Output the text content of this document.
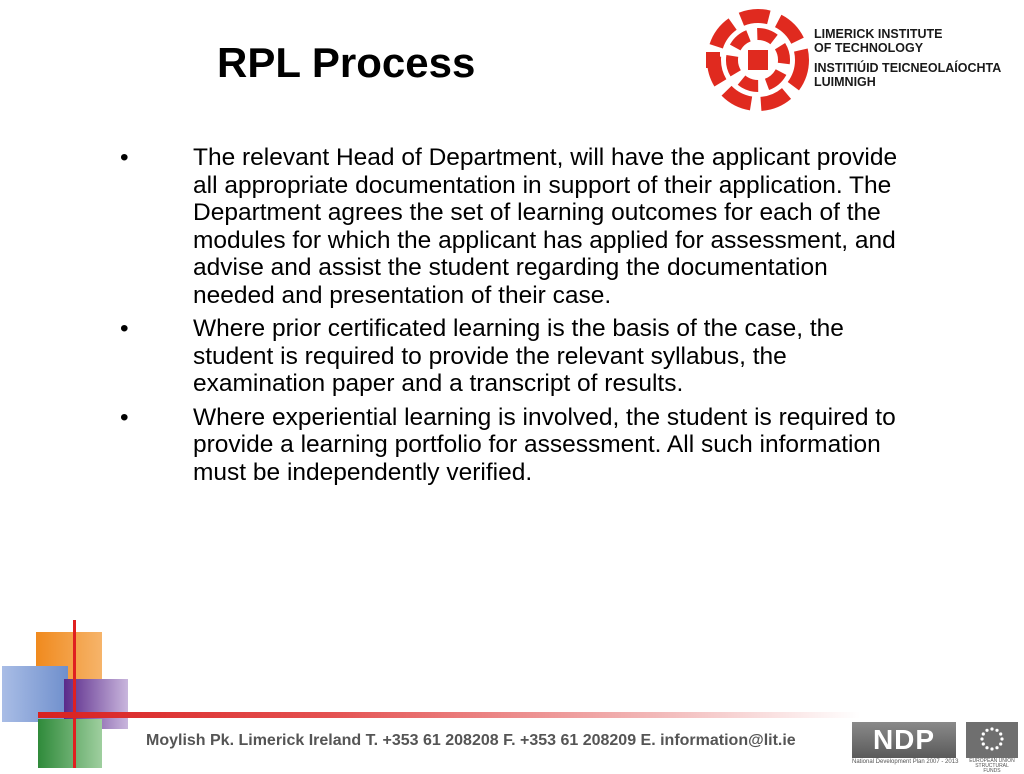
RPL Process
LIMERICK INSTITUTE
OF TECHNOLOGY
INSTITIÚID TEICNEOLAÍOCHTA
LUIMNIGH
•	The relevant Head of Department, will have the applicant provide all appropriate documentation in support of their application. The Department agrees the set of learning outcomes for each of the modules for which the applicant has applied for assessment, and advise and assist the student regarding the documentation needed and presentation of their case.
•	Where prior certificated learning is the basis of the case, the student is required to provide the relevant syllabus, the examination paper and a transcript of results.
•	Where experiential learning is involved, the student is required to provide a learning portfolio for assessment. All such information must be independently verified.
Moylish Pk. Limerick Ireland T. +353 61 208208 F. +353 61 208209 E. information@lit.ie	NDP
National Development Plan 2007 - 2013	EUROPEAN UNION
STRUCTURAL FUNDS
